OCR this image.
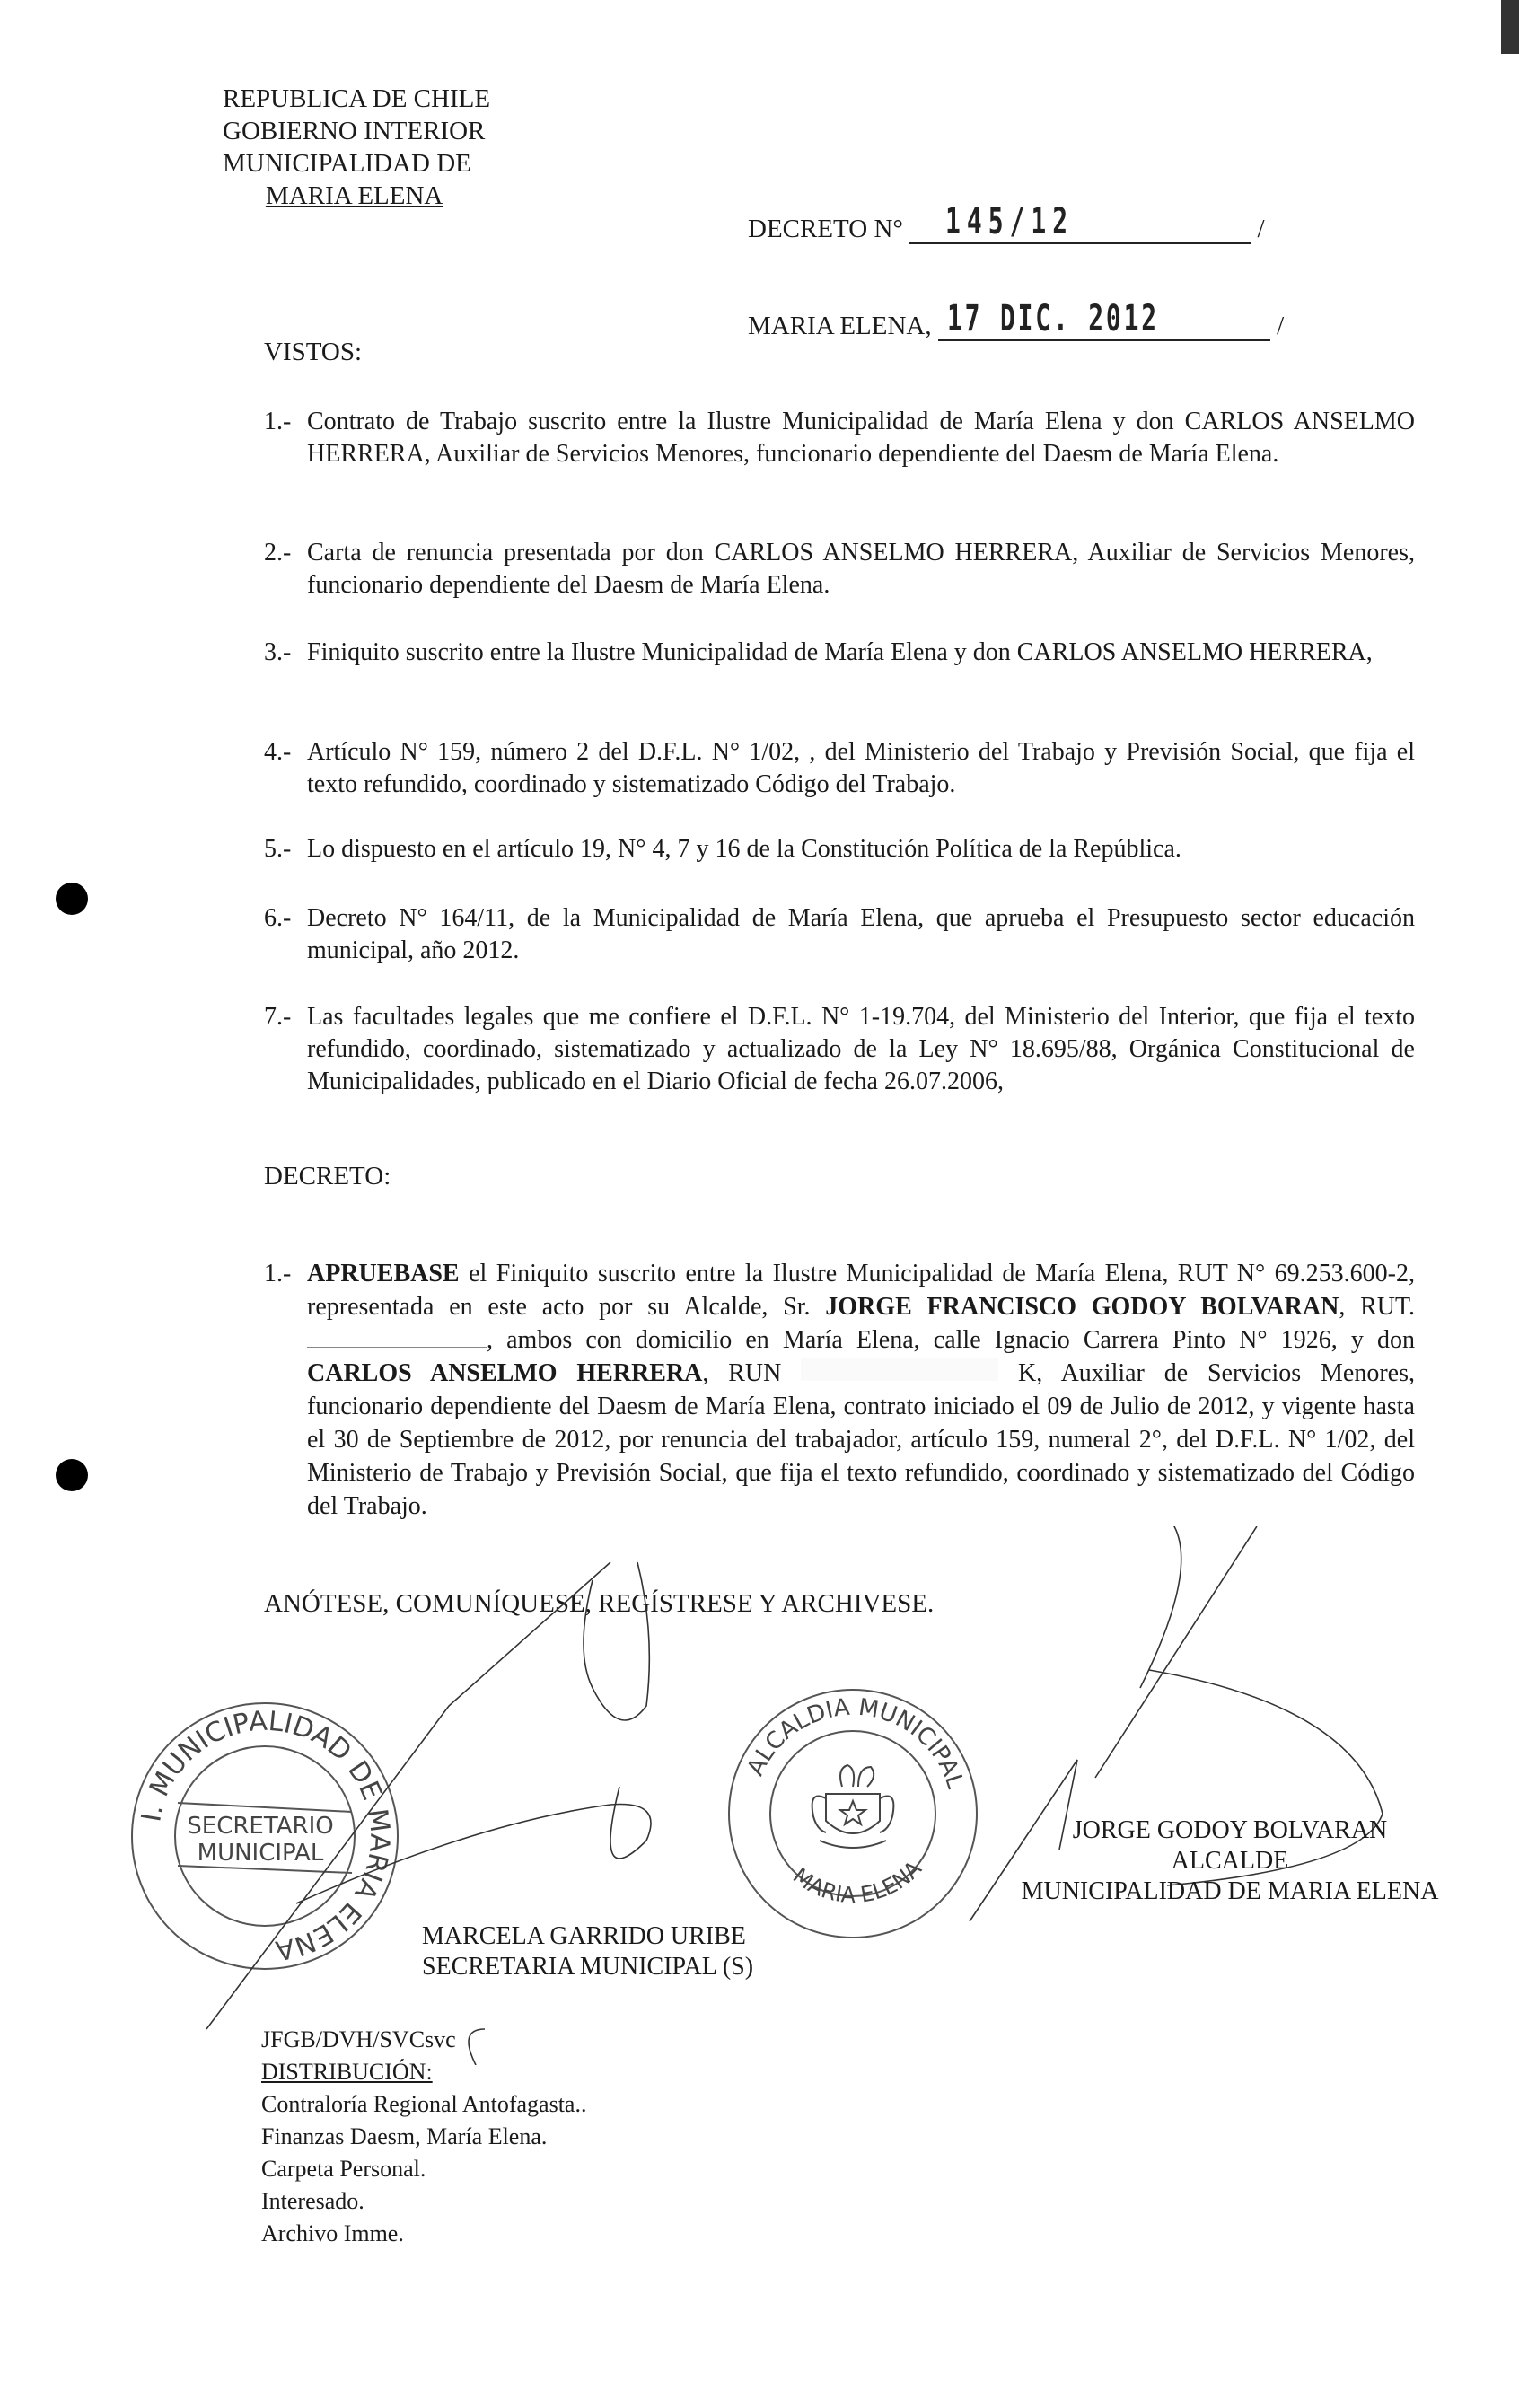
REPUBLICA DE CHILE
GOBIERNO INTERIOR
MUNICIPALIDAD DE
MARIA ELENA
DECRETO N° 145/12	/
MARIA ELENA, 17 DIC. 2012	/
VISTOS:
1.- Contrato de Trabajo suscrito entre la Ilustre Municipalidad de María Elena y don CARLOS ANSELMO HERRERA, Auxiliar de Servicios Menores, funcionario dependiente del Daesm de María Elena.
2.- Carta de renuncia presentada por don CARLOS ANSELMO HERRERA, Auxiliar de Servicios Menores, funcionario dependiente del Daesm de María Elena.
3.- Finiquito suscrito entre la Ilustre Municipalidad de María Elena y don CARLOS ANSELMO HERRERA,
4.- Artículo N° 159, número 2 del D.F.L. N° 1/02, , del Ministerio del Trabajo y Previsión Social, que fija el texto refundido, coordinado y sistematizado Código del Trabajo.
5.- Lo dispuesto en el artículo 19, N° 4, 7 y 16 de la Constitución Política de la República.
6.- Decreto N° 164/11, de la Municipalidad de María Elena, que aprueba el Presupuesto sector educación municipal, año 2012.
7.- Las facultades legales que me confiere el D.F.L. N° 1-19.704, del Ministerio del Interior, que fija el texto refundido, coordinado, sistematizado y actualizado de la Ley N° 18.695/88, Orgánica Constitucional de Municipalidades, publicado en el Diario Oficial de fecha 26.07.2006,
DECRETO:
1.- APRUEBASE el Finiquito suscrito entre la Ilustre Municipalidad de María Elena, RUT N° 69.253.600-2, representada en este acto por su Alcalde, Sr. JORGE FRANCISCO GODOY BOLVARAN, RUT. , ambos con domicilio en María Elena, calle Ignacio Carrera Pinto N° 1926, y don CARLOS ANSELMO HERRERA, RUN	K, Auxiliar de Servicios Menores, funcionario dependiente del Daesm de María Elena, contrato iniciado el 09 de Julio de 2012, y vigente hasta el 30 de Septiembre de 2012, por renuncia del trabajador, artículo 159, numeral 2°, del D.F.L. N° 1/02, del Ministerio de Trabajo y Previsión Social, que fija el texto refundido, coordinado y sistematizado del Código del Trabajo.
ANÓTESE, COMUNÍQUESE, REGÍSTRESE Y ARCHIVESE.
I. MUNICIPALIDAD DE MARIA ELENA
SECRETARIO
MUNICIPAL
ALCALDIA MUNICIPAL
MARIA ELENA
MARCELA GARRIDO URIBE
SECRETARIA MUNICIPAL (S)
JORGE GODOY BOLVARAN
ALCALDE
MUNICIPALIDAD DE MARIA ELENA
JFGB/DVH/SVCsvc
DISTRIBUCIÓN:
Contraloría Regional Antofagasta..
Finanzas Daesm, María Elena.
Carpeta Personal.
Interesado.
Archivo Imme.
